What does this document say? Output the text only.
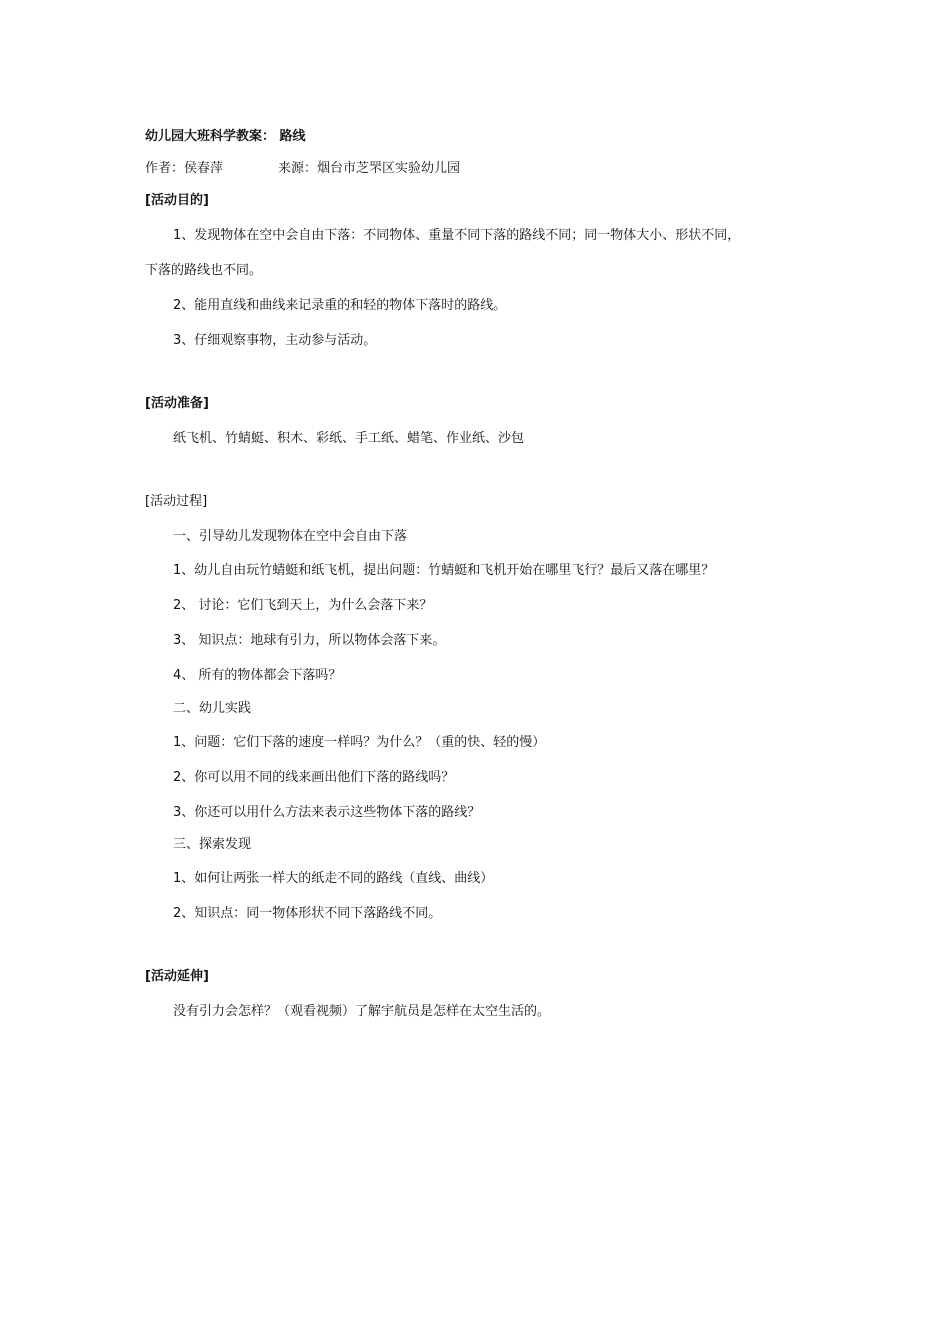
幼儿园大班科学教案： 路线
作者：侯春萍	来源：烟台市芝罘区实验幼儿园
[活动目的]
1、发现物体在空中会自由下落：不同物体、重量不同下落的路线不同；同一物体大小、形状不同，
下落的路线也不同。
2、能用直线和曲线来记录重的和轻的物体下落时的路线。
3、仔细观察事物，主动参与活动。
[活动准备]
纸飞机、竹蜻蜓、积木、彩纸、手工纸、蜡笔、作业纸、沙包
[活动过程]
一、引导幼儿发现物体在空中会自由下落
1、幼儿自由玩竹蜻蜓和纸飞机，提出问题：竹蜻蜓和飞机开始在哪里飞行？最后又落在哪里？
2、 讨论：它们飞到天上，为什么会落下来？
3、 知识点：地球有引力，所以物体会落下来。
4、 所有的物体都会下落吗？
二、幼儿实践
1、问题：它们下落的速度一样吗？为什么？（重的快、轻的慢）
2、你可以用不同的线来画出他们下落的路线吗？
3、你还可以用什么方法来表示这些物体下落的路线？
三、探索发现
1、如何让两张一样大的纸走不同的路线（直线、曲线）
2、知识点：同一物体形状不同下落路线不同。
[活动延伸]
没有引力会怎样？（观看视频）了解宇航员是怎样在太空生活的。
